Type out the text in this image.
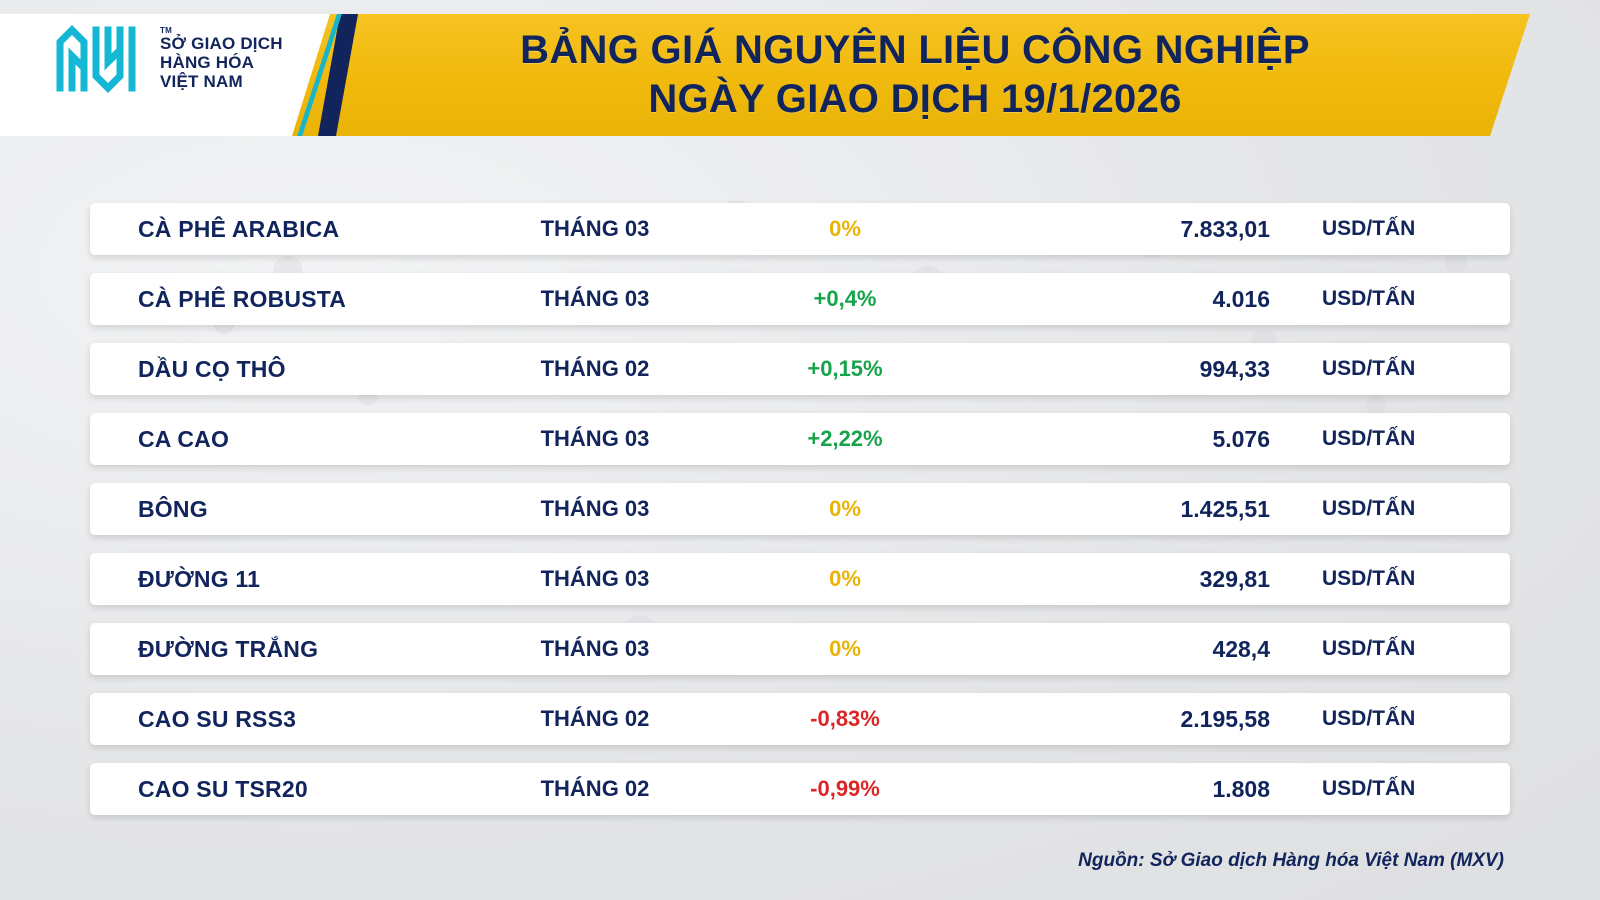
TM
SỞ GIAO DỊCH
HÀNG HÓA
VIỆT NAM
BẢNG GIÁ NGUYÊN LIỆU CÔNG NGHIỆP
NGÀY GIAO DỊCH 19/1/2026
CÀ PHÊ ARABICA	THÁNG 03	0%	7.833,01	USD/TẤN
CÀ PHÊ ROBUSTA	THÁNG 03	+0,4%	4.016	USD/TẤN
DẦU CỌ THÔ	THÁNG 02	+0,15%	994,33	USD/TẤN
CA CAO	THÁNG 03	+2,22%	5.076	USD/TẤN
BÔNG	THÁNG 03	0%	1.425,51	USD/TẤN
ĐƯỜNG 11	THÁNG 03	0%	329,81	USD/TẤN
ĐƯỜNG TRẮNG	THÁNG 03	0%	428,4	USD/TẤN
CAO SU RSS3	THÁNG 02	-0,83%	2.195,58	USD/TẤN
CAO SU TSR20	THÁNG 02	-0,99%	1.808	USD/TẤN
Nguồn: Sở Giao dịch Hàng hóa Việt Nam (MXV)
